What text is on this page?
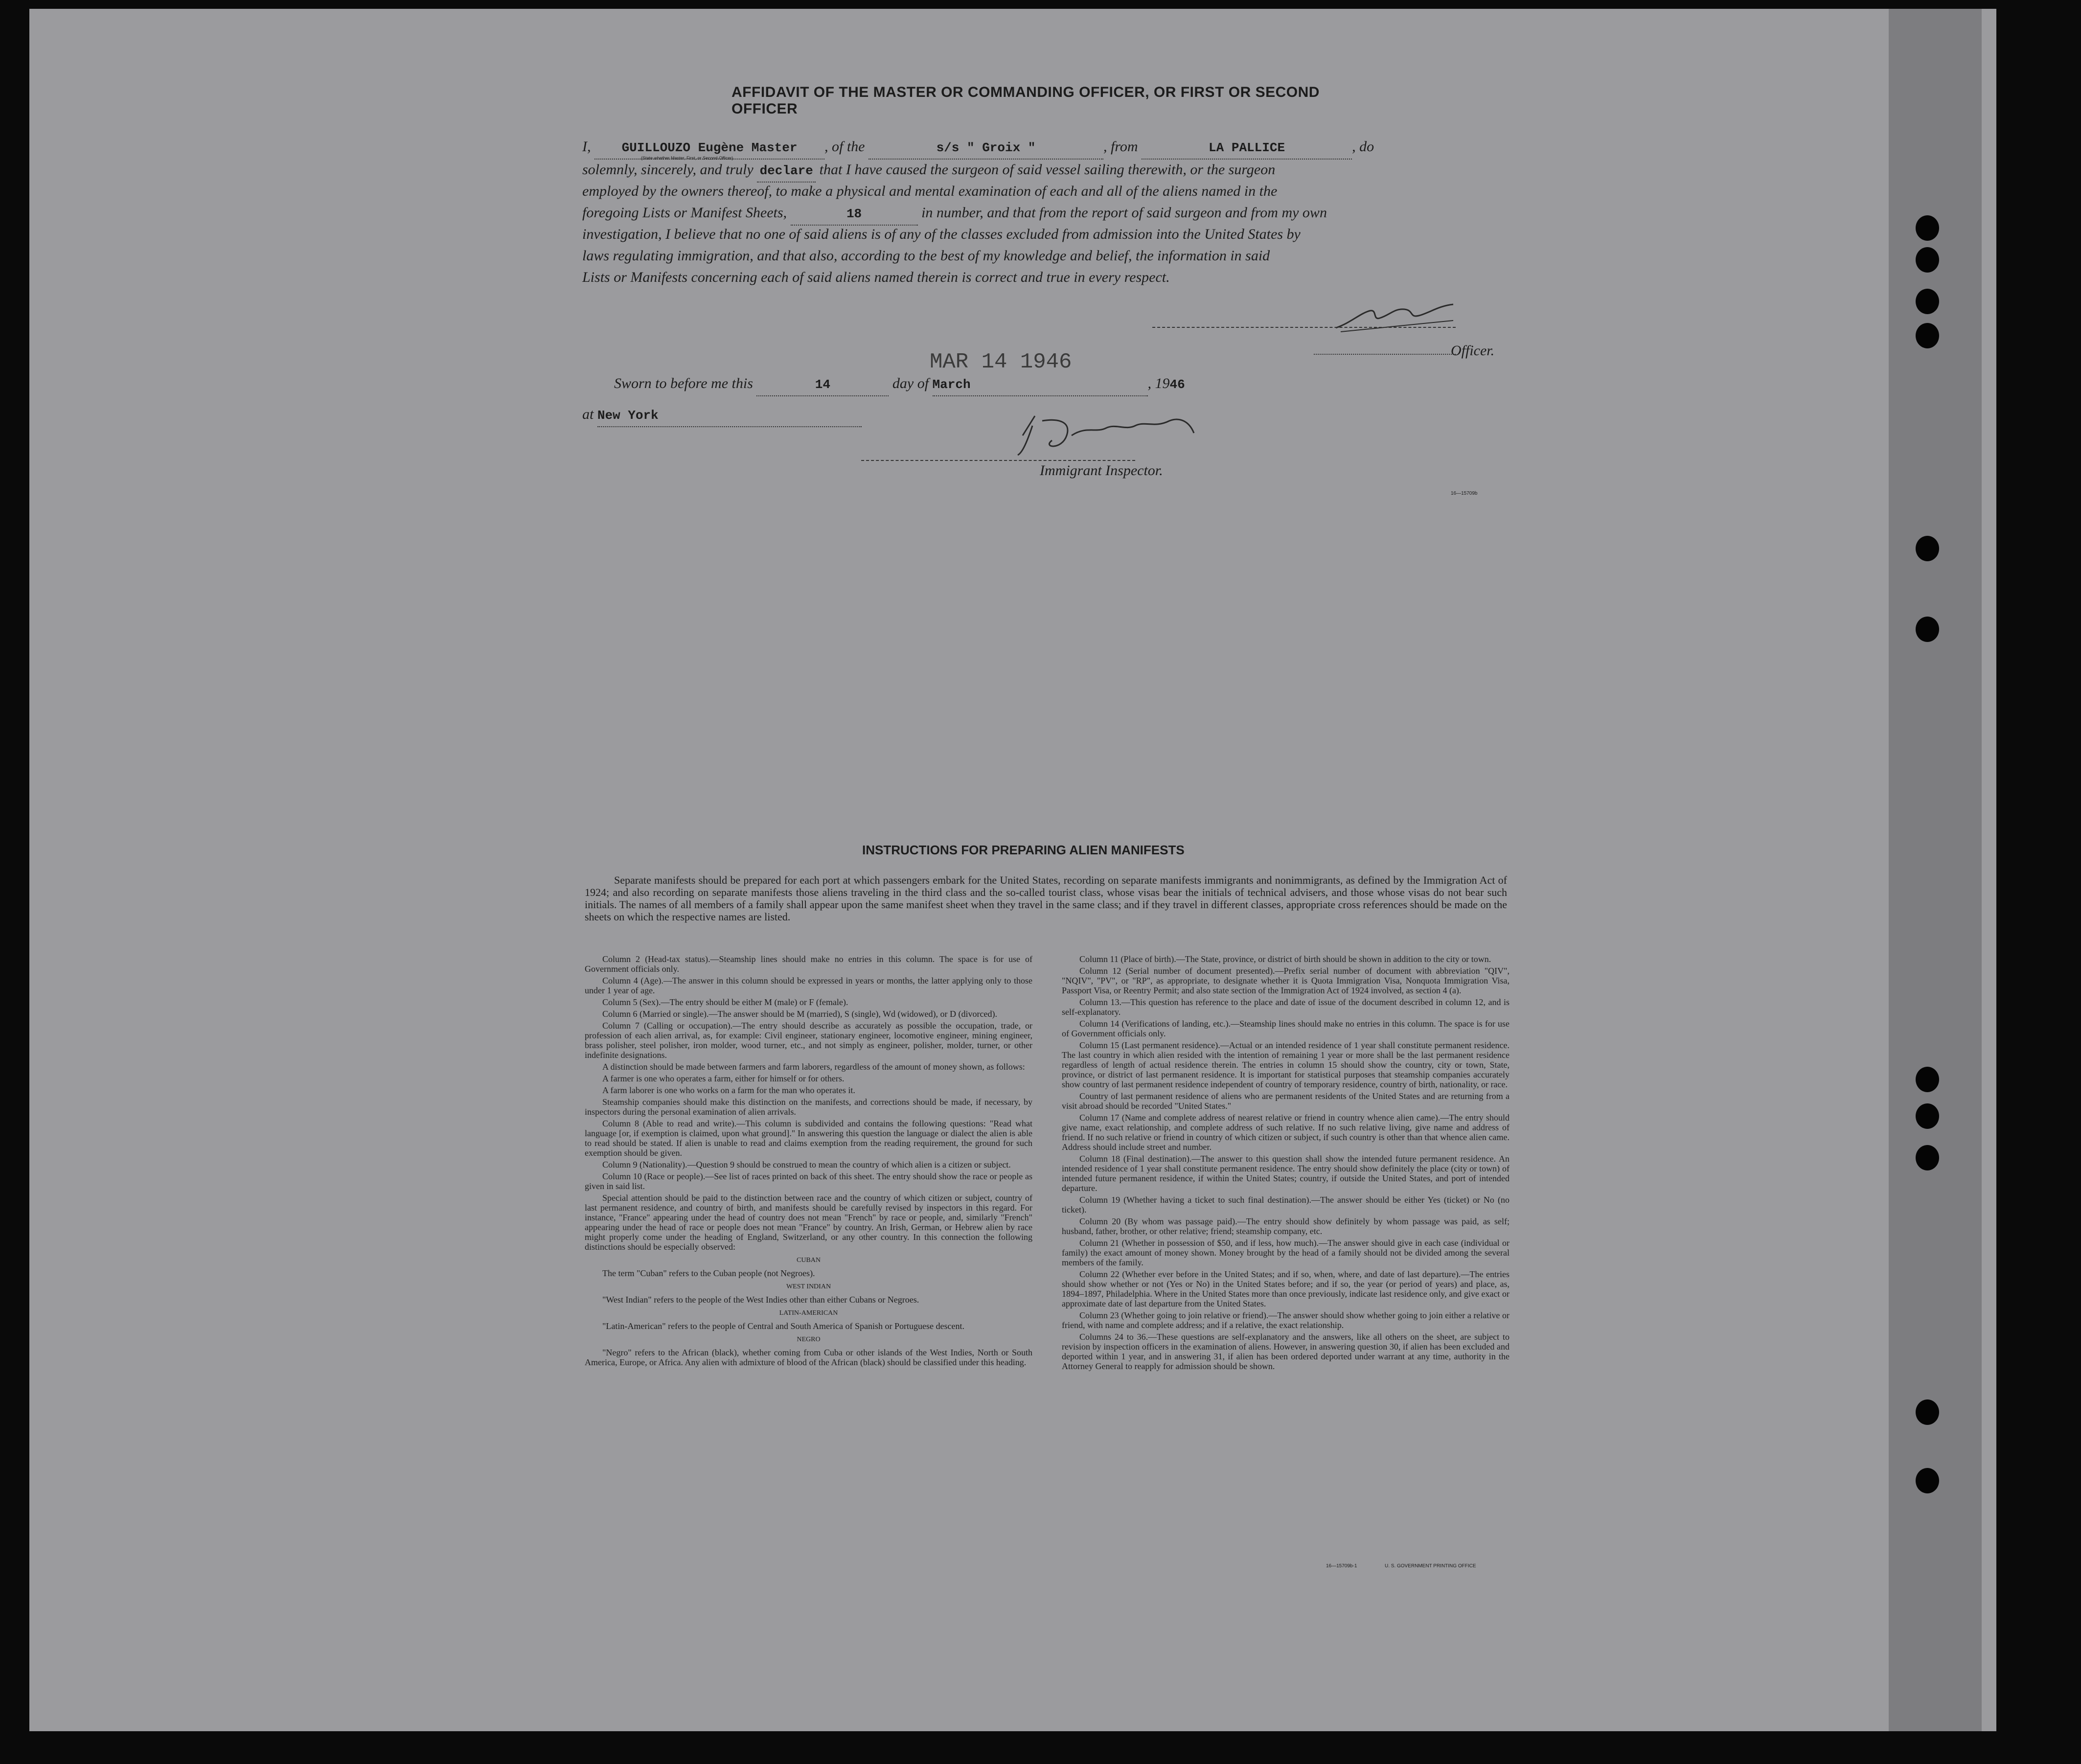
AFFIDAVIT OF THE MASTER OR COMMANDING OFFICER, OR FIRST OR SECOND OFFICER
I, GUILLOUZO Eugène Master , of the	s/s " Groix "	, from	LA PALLICE	, do
(State whether Master, First, or Second Officer)
solemnly, sincerely, and truly declare that I have caused the surgeon of said vessel sailing therewith, or the surgeon
employed by the owners thereof, to make a physical and mental examination of each and all of the aliens named in the
foregoing Lists or Manifest Sheets,	18	in number, and that from the report of said surgeon and from my own
investigation, I believe that no one of said aliens is of any of the classes excluded from admission into the United States by
laws regulating immigration, and that also, according to the best of my knowledge and belief, the information in said
Lists or Manifests concerning each of said aliens named therein is correct and true in every respect.
Officer.
MAR 14 1946
Sworn to before me this	14	day of March	, 1946
at New York
Immigrant Inspector.
16—15709b
INSTRUCTIONS FOR PREPARING ALIEN MANIFESTS
Separate manifests should be prepared for each port at which passengers embark for the United States, recording on separate manifests immigrants and nonimmigrants, as defined by the Immigration Act of 1924; and also recording on separate manifests those aliens traveling in the third class and the so-called tourist class, whose visas bear the initials of technical advisers, and those whose visas do not bear such initials. The names of all members of a family shall appear upon the same manifest sheet when they travel in the same class; and if they travel in different classes, appropriate cross references should be made on the sheets on which the respective names are listed.

Column 2 (Head-tax status).—Steamship lines should make no entries in this column. The space is for use of Government officials only.

Column 4 (Age).—The answer in this column should be expressed in years or months, the latter applying only to those under 1 year of age.

Column 5 (Sex).—The entry should be either M (male) or F (female).

Column 6 (Married or single).—The answer should be M (married), S (single), Wd (widowed), or D (divorced).

Column 7 (Calling or occupation).—The entry should describe as accurately as possible the occupation, trade, or profession of each alien arrival, as, for example: Civil engineer, stationary engineer, locomotive engineer, mining engineer, brass polisher, steel polisher, iron molder, wood turner, etc., and not simply as engineer, polisher, molder, turner, or other indefinite designations.

A distinction should be made between farmers and farm laborers, regardless of the amount of money shown, as follows:

A farmer is one who operates a farm, either for himself or for others.

A farm laborer is one who works on a farm for the man who operates it.

Steamship companies should make this distinction on the manifests, and corrections should be made, if necessary, by inspectors during the personal examination of alien arrivals.

Column 8 (Able to read and write).—This column is subdivided and contains the following questions: "Read what language [or, if exemption is claimed, upon what ground]." In answering this question the language or dialect the alien is able to read should be stated. If alien is unable to read and claims exemption from the reading requirement, the ground for such exemption should be given.

Column 9 (Nationality).—Question 9 should be construed to mean the country of which alien is a citizen or subject.

Column 10 (Race or people).—See list of races printed on back of this sheet. The entry should show the race or people as given in said list.

Special attention should be paid to the distinction between race and the country of which citizen or subject, country of last permanent residence, and country of birth, and manifests should be carefully revised by inspectors in this regard. For instance, "France" appearing under the head of country does not mean "French" by race or people, and, similarly "French" appearing under the head of race or people does not mean "France" by country. An Irish, German, or Hebrew alien by race might properly come under the heading of England, Switzerland, or any other country. In this connection the following distinctions should be especially observed:

CUBAN

The term "Cuban" refers to the Cuban people (not Negroes).

WEST INDIAN

"West Indian" refers to the people of the West Indies other than either Cubans or Negroes.

LATIN-AMERICAN

"Latin-American" refers to the people of Central and South America of Spanish or Portuguese descent.

NEGRO

"Negro" refers to the African (black), whether coming from Cuba or other islands of the West Indies, North or South America, Europe, or Africa. Any alien with admixture of blood of the African (black) should be classified under this heading.

Column 11 (Place of birth).—The State, province, or district of birth should be shown in addition to the city or town.

Column 12 (Serial number of document presented).—Prefix serial number of document with abbreviation "QIV", "NQIV", "PV", or "RP", as appropriate, to designate whether it is Quota Immigration Visa, Nonquota Immigration Visa, Passport Visa, or Reentry Permit; and also state section of the Immigration Act of 1924 involved, as section 4 (a).

Column 13.—This question has reference to the place and date of issue of the document described in column 12, and is self-explanatory.

Column 14 (Verifications of landing, etc.).—Steamship lines should make no entries in this column. The space is for use of Government officials only.

Column 15 (Last permanent residence).—Actual or an intended residence of 1 year shall constitute permanent residence. The last country in which alien resided with the intention of remaining 1 year or more shall be the last permanent residence regardless of length of actual residence therein. The entries in column 15 should show the country, city or town, State, province, or district of last permanent residence. It is important for statistical purposes that steamship companies accurately show country of last permanent residence independent of country of temporary residence, country of birth, nationality, or race.

Country of last permanent residence of aliens who are permanent residents of the United States and are returning from a visit abroad should be recorded "United States."

Column 17 (Name and complete address of nearest relative or friend in country whence alien came).—The entry should give name, exact relationship, and complete address of such relative. If no such relative living, give name and address of friend. If no such relative or friend in country of which citizen or subject, if such country is other than that whence alien came. Address should include street and number.

Column 18 (Final destination).—The answer to this question shall show the intended future permanent residence. An intended residence of 1 year shall constitute permanent residence. The entry should show definitely the place (city or town) of intended future permanent residence, if within the United States; country, if outside the United States, and port of intended departure.

Column 19 (Whether having a ticket to such final destination).—The answer should be either Yes (ticket) or No (no ticket).

Column 20 (By whom was passage paid).—The entry should show definitely by whom passage was paid, as self; husband, father, brother, or other relative; friend; steamship company, etc.

Column 21 (Whether in possession of $50, and if less, how much).—The answer should give in each case (individual or family) the exact amount of money shown. Money brought by the head of a family should not be divided among the several members of the family.

Column 22 (Whether ever before in the United States; and if so, when, where, and date of last departure).—The entries should show whether or not (Yes or No) in the United States before; and if so, the year (or period of years) and place, as, 1894–1897, Philadelphia. Where in the United States more than once previously, indicate last residence only, and give exact or approximate date of last departure from the United States.

Column 23 (Whether going to join relative or friend).—The answer should show whether going to join either a relative or friend, with name and complete address; and if a relative, the exact relationship.

Columns 24 to 36.—These questions are self-explanatory and the answers, like all others on the sheet, are subject to revision by inspection officers in the examination of aliens. However, in answering question 30, if alien has been excluded and deported within 1 year, and in answering 31, if alien has been ordered deported under warrant at any time, authority in the Attorney General to reapply for admission should be shown.

16—15709b-1	U. S. GOVERNMENT PRINTING OFFICE
